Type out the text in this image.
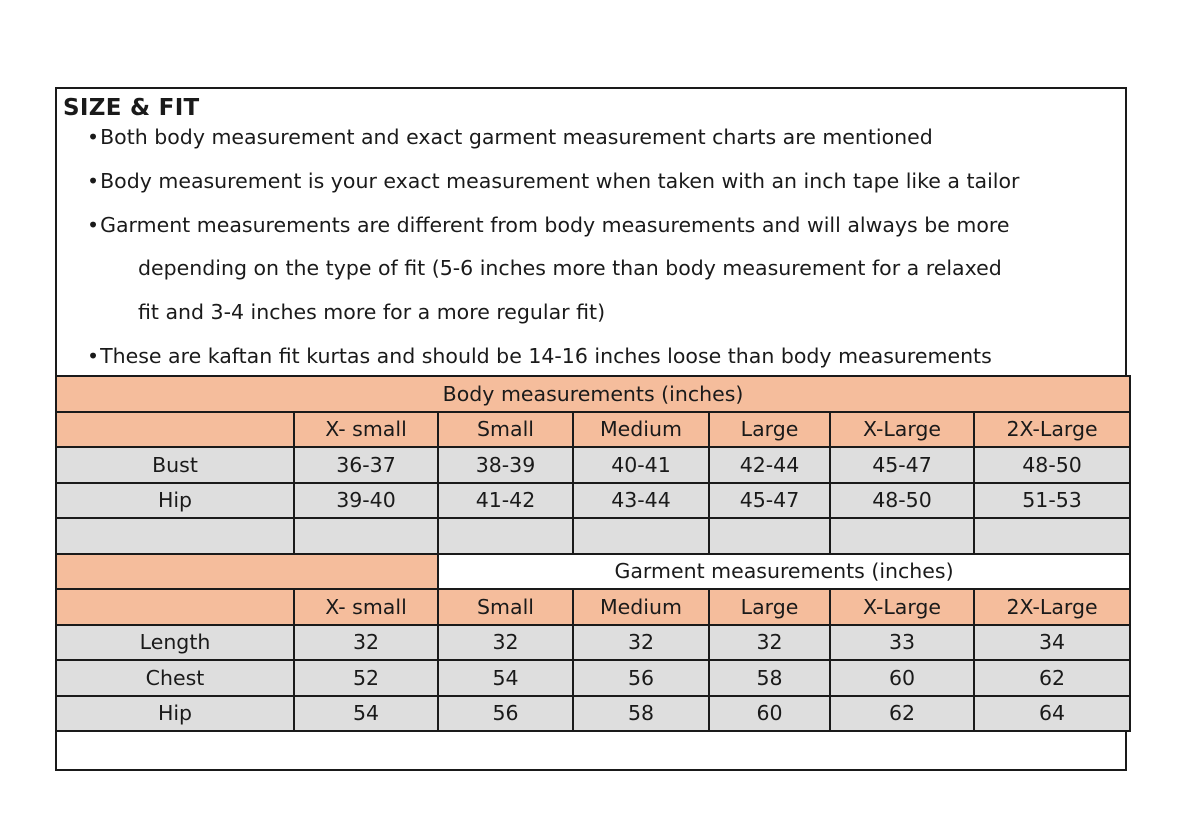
SIZE & FIT
•Both body measurement and exact garment measurement charts are mentioned
•Body measurement is your exact measurement when taken with an inch tape like a tailor
•Garment measurements are different from body measurements and will always be more
depending on the type of fit (5-6 inches more than body measurement for a relaxed
fit and 3-4 inches more for a more regular fit)
•These are kaftan fit kurtas and should be 14-16 inches loose than body measurements
Body measurements (inches)						
	X- small	Small	Medium	Large	X-Large	2X-Large
Bust	36-37	38-39	40-41	42-44	45-47	48-50
Hip	39-40	41-42	43-44	45-47	48-50	51-53

		Garment measurements (inches)				
	X- small	Small	Medium	Large	X-Large	2X-Large
Length	32	32	32	32	33	34
Chest	52	54	56	58	60	62
Hip	54	56	58	60	62	64
